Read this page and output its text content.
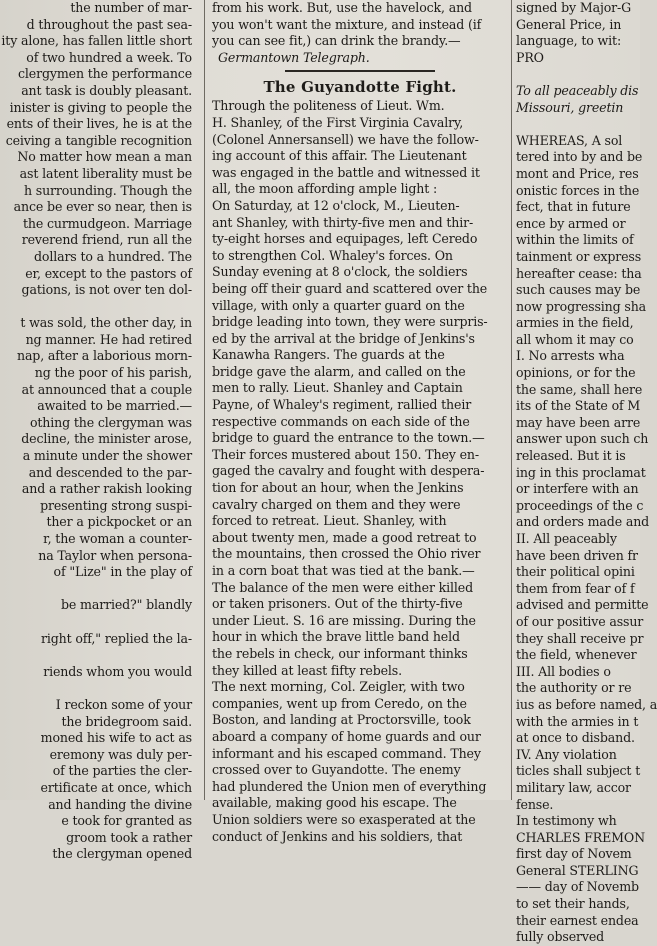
the number of mar-
d throughout the past sea-
ity alone, has fallen little short
of two hundred a week. To
clergymen the performance
ant task is doubly pleasant.
inister is giving to people the
ents of their lives, he is at the
ceiving a tangible recognition
No matter how mean a man
ast latent liberality must be
h surrounding. Though the
ance be ever so near, then is
the curmudgeon. Marriage
reverend friend, run all the
dollars to a hundred. The
er, except to the pastors of
gations, is not over ten dol-

t was sold, the other day, in
ng manner. He had retired
nap, after a laborious morn-
ng the poor of his parish,
at announced that a couple
awaited to be married.—
othing the clergyman was
decline, the minister arose,
a minute under the shower
and descended to the par-
and a rather rakish looking
presenting strong suspi-
ther a pickpocket or an
r, the woman a counter-
na Taylor when persona-
of "Lize" in the play of

be married?" blandly

right off," replied the la-

riends whom you would

I reckon some of your
the bridegroom said.
moned his wife to act as
eremony was duly per-
of the parties the cler-
ertificate at once, which
and handing the divine
e took for granted as
groom took a rather
the clergyman opened
from his work. But, use the havelock, and
you won't want the mixture, and instead (if
you can see fit,) can drink the brandy.—
Germantown Telegraph.
The Guyandotte Fight.
Through the politeness of Lieut. Wm.
H. Shanley, of the First Virginia Cavalry,
(Colonel Annersansell) we have the follow-
ing account of this affair. The Lieutenant
was engaged in the battle and witnessed it
all, the moon affording ample light :
On Saturday, at 12 o'clock, M., Lieuten-
ant Shanley, with thirty-five men and thir-
ty-eight horses and equipages, left Ceredo
to strengthen Col. Whaley's forces. On
Sunday evening at 8 o'clock, the soldiers
being off their guard and scattered over the
village, with only a quarter guard on the
bridge leading into town, they were surpris-
ed by the arrival at the bridge of Jenkins's
Kanawha Rangers. The guards at the
bridge gave the alarm, and called on the
men to rally. Lieut. Shanley and Captain
Payne, of Whaley's regiment, rallied their
respective commands on each side of the
bridge to guard the entrance to the town.—
Their forces mustered about 150. They en-
gaged the cavalry and fought with despera-
tion for about an hour, when the Jenkins
cavalry charged on them and they were
forced to retreat. Lieut. Shanley, with
about twenty men, made a good retreat to
the mountains, then crossed the Ohio river
in a corn boat that was tied at the bank.—
The balance of the men were either killed
or taken prisoners. Out of the thirty-five
under Lieut. S. 16 are missing. During the
hour in which the brave little band held
the rebels in check, our informant thinks
they killed at least fifty rebels.
The next morning, Col. Zeigler, with two
companies, went up from Ceredo, on the
Boston, and landing at Proctorsville, took
aboard a company of home guards and our
informant and his escaped command. They
crossed over to Guyandotte. The enemy
had plundered the Union men of everything
available, making good his escape. The
Union soldiers were so exasperated at the
conduct of Jenkins and his soldiers, that
signed by Major-G
General Price, in
language, to wit:
PRO

To all peaceably dis
Missouri, greetin

WHEREAS, A sol
tered into by and be
mont and Price, res
onistic forces in the
fect, that in future
ence by armed or
within the limits of
tainment or express
hereafter cease: tha
such causes may be
now progressing sha
armies in the field,
all whom it may co
I. No arrests wha
opinions, or for the
the same, shall here
its of the State of M
may have been arre
answer upon such ch
released. But it is
ing in this proclamat
or interfere with an
proceedings of the c
and orders made and
II. All peaceably
have been driven fr
their political opini
them from fear of f
advised and permitte
of our positive assur
they shall receive pr
the field, whenever
III. All bodies o
the authority or re
ius as before named, a
with the armies in t
at once to disband.
IV. Any violation
ticles shall subject t
military law, accor
fense.
In testimony wh
CHARLES FREMON
first day of Novem
General STERLING
—— day of Novemb
to set their hands,
their earnest endea
fully observed
